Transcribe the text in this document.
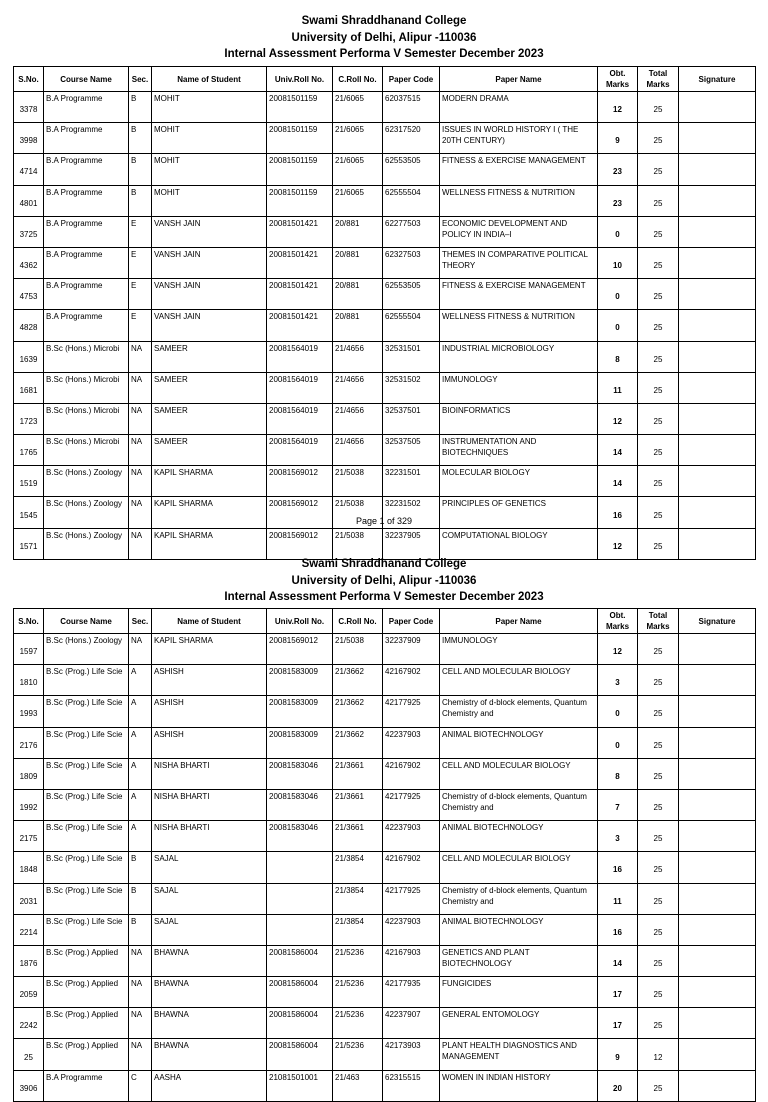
Swami Shraddhanand College
University of Delhi, Alipur -110036
Internal Assessment Performa V Semester December 2023
S.No.	Course Name	Sec.	Name of Student	Univ.Roll No.	C.Roll No.	Paper Code	Paper Name	Obt. Marks	Total Marks	Signature
3378	B.A Programme	B	MOHIT	20081501159	21/6065	62037515	MODERN DRAMA	12	25	
3998	B.A Programme	B	MOHIT	20081501159	21/6065	62317520	ISSUES IN WORLD HISTORY I ( THE 20TH CENTURY)	9	25	
4714	B.A Programme	B	MOHIT	20081501159	21/6065	62553505	FITNESS & EXERCISE MANAGEMENT	23	25	
4801	B.A Programme	B	MOHIT	20081501159	21/6065	62555504	WELLNESS FITNESS & NUTRITION	23	25	
3725	B.A Programme	E	VANSH JAIN	20081501421	20/881	62277503	ECONOMIC DEVELOPMENT AND POLICY IN INDIA–I	0	25	
4362	B.A Programme	E	VANSH JAIN	20081501421	20/881	62327503	THEMES IN COMPARATIVE POLITICAL THEORY	10	25	
4753	B.A Programme	E	VANSH JAIN	20081501421	20/881	62553505	FITNESS & EXERCISE MANAGEMENT	0	25	
4828	B.A Programme	E	VANSH JAIN	20081501421	20/881	62555504	WELLNESS FITNESS & NUTRITION	0	25	
1639	B.Sc (Hons.) Microbi	NA	SAMEER	20081564019	21/4656	32531501	INDUSTRIAL MICROBIOLOGY	8	25	
1681	B.Sc (Hons.) Microbi	NA	SAMEER	20081564019	21/4656	32531502	IMMUNOLOGY	11	25	
1723	B.Sc (Hons.) Microbi	NA	SAMEER	20081564019	21/4656	32537501	BIOINFORMATICS	12	25	
1765	B.Sc (Hons.) Microbi	NA	SAMEER	20081564019	21/4656	32537505	INSTRUMENTATION AND BIOTECHNIQUES	14	25	
1519	B.Sc (Hons.) Zoology	NA	KAPIL SHARMA	20081569012	21/5038	32231501	MOLECULAR BIOLOGY	14	25	
1545	B.Sc (Hons.) Zoology	NA	KAPIL SHARMA	20081569012	21/5038	32231502	PRINCIPLES OF GENETICS	16	25	
1571	B.Sc (Hons.) Zoology	NA	KAPIL SHARMA	20081569012	21/5038	32237905	COMPUTATIONAL BIOLOGY	12	25	
Page 1 of 329
Swami Shraddhanand College
University of Delhi, Alipur -110036
Internal Assessment Performa V Semester December 2023
S.No.	Course Name	Sec.	Name of Student	Univ.Roll No.	C.Roll No.	Paper Code	Paper Name	Obt. Marks	Total Marks	Signature
1597	B.Sc (Hons.) Zoology	NA	KAPIL SHARMA	20081569012	21/5038	32237909	IMMUNOLOGY	12	25	
1810	B.Sc (Prog.) Life Scie	A	ASHISH	20081583009	21/3662	42167902	CELL AND MOLECULAR BIOLOGY	3	25	
1993	B.Sc (Prog.) Life Scie	A	ASHISH	20081583009	21/3662	42177925	Chemistry of d-block elements, Quantum Chemistry and	0	25	
2176	B.Sc (Prog.) Life Scie	A	ASHISH	20081583009	21/3662	42237903	ANIMAL BIOTECHNOLOGY	0	25	
1809	B.Sc (Prog.) Life Scie	A	NISHA BHARTI	20081583046	21/3661	42167902	CELL AND MOLECULAR BIOLOGY	8	25	
1992	B.Sc (Prog.) Life Scie	A	NISHA BHARTI	20081583046	21/3661	42177925	Chemistry of d-block elements, Quantum Chemistry and	7	25	
2175	B.Sc (Prog.) Life Scie	A	NISHA BHARTI	20081583046	21/3661	42237903	ANIMAL BIOTECHNOLOGY	3	25	
1848	B.Sc (Prog.) Life Scie	B	SAJAL		21/3854	42167902	CELL AND MOLECULAR BIOLOGY	16	25	
2031	B.Sc (Prog.) Life Scie	B	SAJAL		21/3854	42177925	Chemistry of d-block elements, Quantum Chemistry and	11	25	
2214	B.Sc (Prog.) Life Scie	B	SAJAL		21/3854	42237903	ANIMAL BIOTECHNOLOGY	16	25	
1876	B.Sc (Prog.) Applied	NA	BHAWNA	20081586004	21/5236	42167903	GENETICS AND PLANT BIOTECHNOLOGY	14	25	
2059	B.Sc (Prog.) Applied	NA	BHAWNA	20081586004	21/5236	42177935	FUNGICIDES	17	25	
2242	B.Sc (Prog.) Applied	NA	BHAWNA	20081586004	21/5236	42237907	GENERAL ENTOMOLOGY	17	25	
25	B.Sc (Prog.) Applied	NA	BHAWNA	20081586004	21/5236	42173903	PLANT HEALTH DIAGNOSTICS AND MANAGEMENT	9	12	
3906	B.A Programme	C	AASHA	21081501001	21/463	62315515	WOMEN IN INDIAN HISTORY	20	25	
